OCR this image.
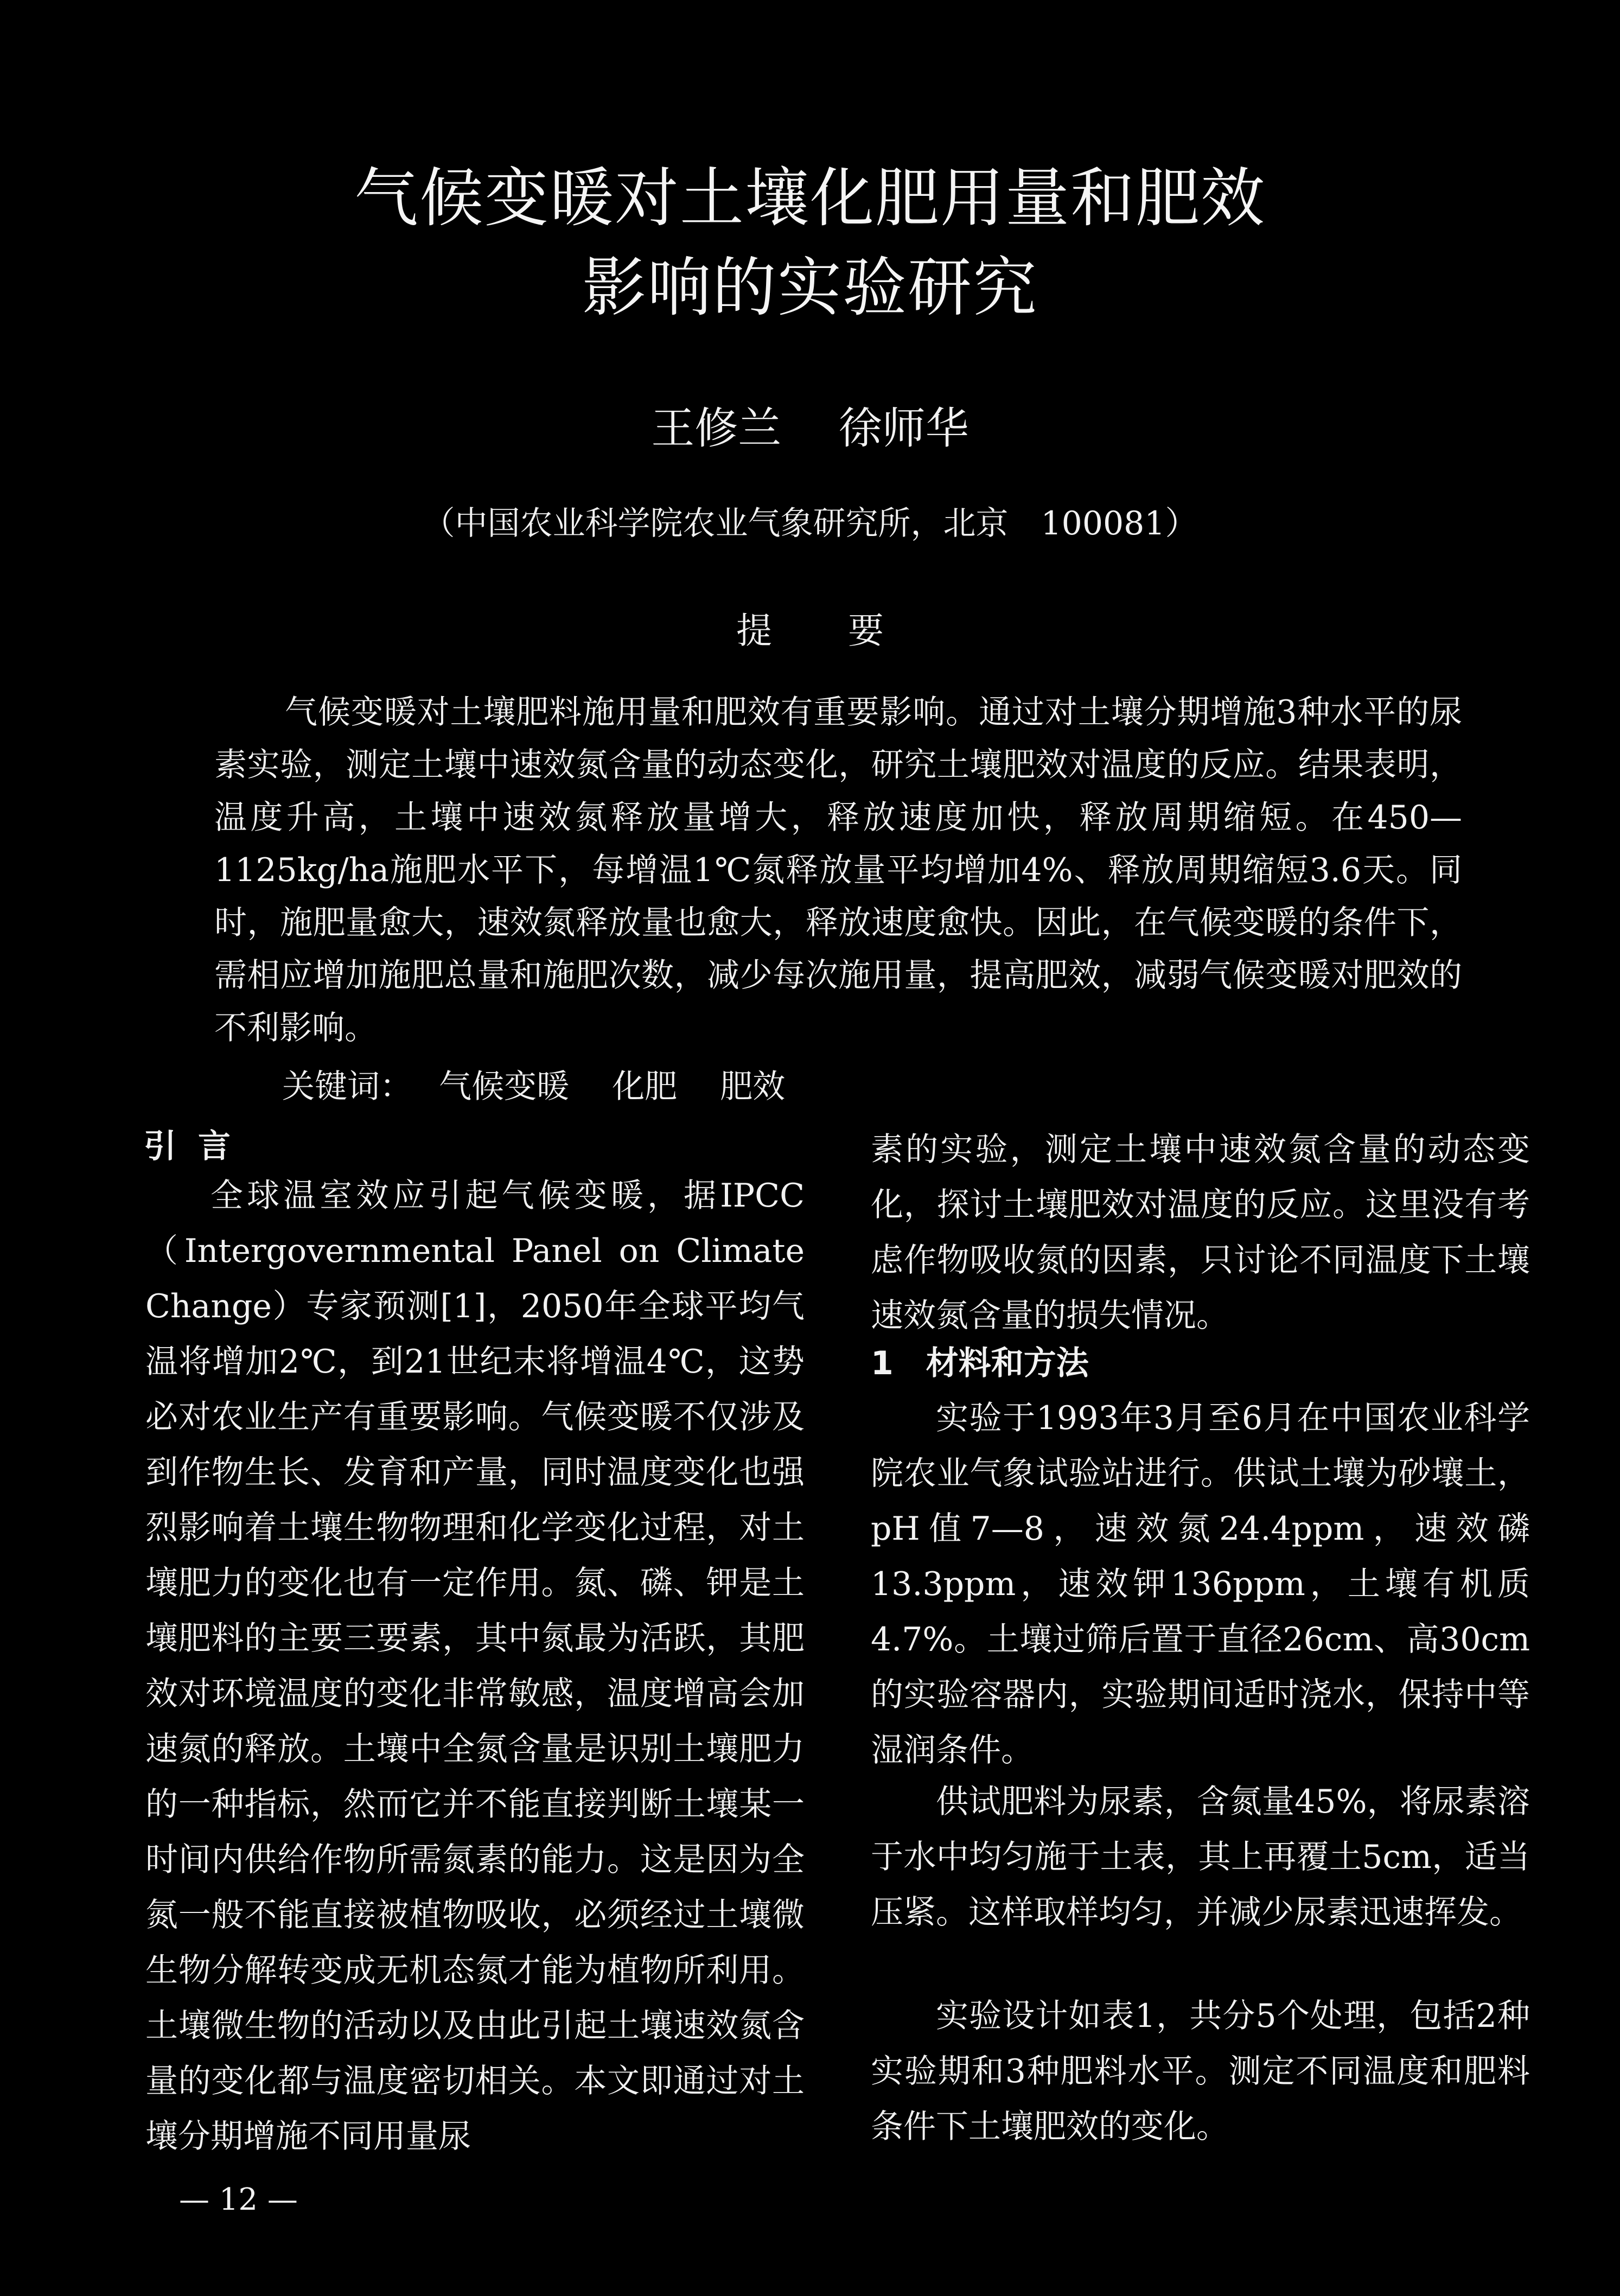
气候变暖对土壤化肥用量和肥效
影响的实验研究
王修兰 徐师华
（中国农业科学院农业气象研究所，北京　100081）
提要
气候变暖对土壤肥料施用量和肥效有重要影响。通过对土壤分期增施3种水平的尿素实验，测定土壤中速效氮含量的动态变化，研究土壤肥效对温度的反应。结果表明，温度升高，土壤中速效氮释放量增大，释放速度加快，释放周期缩短。在450—1125kg/ha施肥水平下，每增温1℃氮释放量平均增加4%、释放周期缩短3.6天。同时，施肥量愈大，速效氮释放量也愈大，释放速度愈快。因此，在气候变暖的条件下，需相应增加施肥总量和施肥次数，减少每次施用量，提高肥效，减弱气候变暖对肥效的不利影响。
关键词： 气候变暖 化肥 肥效
引言

全球温室效应引起气候变暖，据IPCC（Intergovernmental Panel on Climate Change）专家预测[1]，2050年全球平均气温将增加2℃，到21世纪末将增温4℃，这势必对农业生产有重要影响。气候变暖不仅涉及到作物生长、发育和产量，同时温度变化也强烈影响着土壤生物物理和化学变化过程，对土壤肥力的变化也有一定作用。氮、磷、钾是土壤肥料的主要三要素，其中氮最为活跃，其肥效对环境温度的变化非常敏感，温度增高会加速氮的释放。土壤中全氮含量是识别土壤肥力的一种指标，然而它并不能直接判断土壤某一时间内供给作物所需氮素的能力。这是因为全氮一般不能直接被植物吸收，必须经过土壤微生物分解转变成无机态氮才能为植物所利用。土壤微生物的活动以及由此引起土壤速效氮含量的变化都与温度密切相关。本文即通过对土壤分期增施不同用量尿

素的实验，测定土壤中速效氮含量的动态变化，探讨土壤肥效对温度的反应。这里没有考虑作物吸收氮的因素，只讨论不同温度下土壤速效氮含量的损失情况。

1　材料和方法

实验于1993年3月至6月在中国农业科学院农业气象试验站进行。供试土壤为砂壤土，pH值7—8，速效氮24.4ppm，速效磷13.3ppm，速效钾136ppm，土壤有机质4.7%。土壤过筛后置于直径26cm、高30cm的实验容器内，实验期间适时浇水，保持中等湿润条件。

供试肥料为尿素，含氮量45%，将尿素溶于水中均匀施于土表，其上再覆土5cm，适当压紧。这样取样均匀，并减少尿素迅速挥发。

实验设计如表1，共分5个处理，包括2种实验期和3种肥料水平。测定不同温度和肥料条件下土壤肥效的变化。

— 12 —
